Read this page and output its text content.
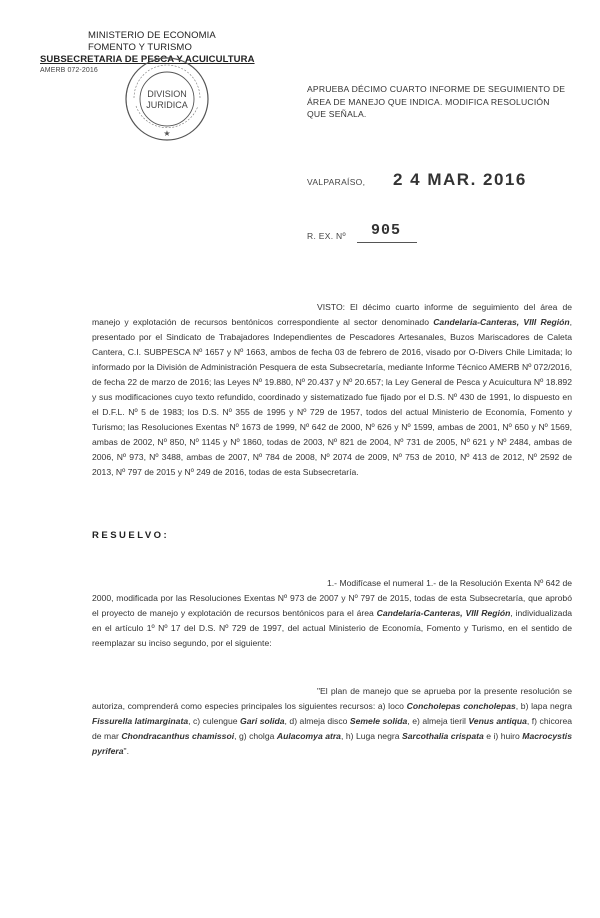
MINISTERIO DE ECONOMIA
FOMENTO Y TURISMO
SUBSECRETARIA DE PESCA Y ACUICULTURA
AMERB 072-2016
★
DIVISION
JURIDICA
APRUEBA DÉCIMO CUARTO INFORME DE SEGUIMIENTO DE ÁREA DE MANEJO QUE INDICA. MODIFICA RESOLUCIÓN QUE SEÑALA.
VALPARAÍSO, 2 4 MAR. 2016
R. EX. Nº 905
VISTO: El décimo cuarto informe de seguimiento del área de manejo y explotación de recursos bentónicos correspondiente al sector denominado Candelaria-Canteras, VIII Región, presentado por el Sindicato de Trabajadores Independientes de Pescadores Artesanales, Buzos Mariscadores de Caleta Cantera, C.I. SUBPESCA Nº 1657 y Nº 1663, ambos de fecha 03 de febrero de 2016, visado por O-Divers Chile Limitada; lo informado por la División de Administración Pesquera de esta Subsecretaría, mediante Informe Técnico AMERB Nº 072/2016, de fecha 22 de marzo de 2016; las Leyes Nº 19.880, Nº 20.437 y Nº 20.657; la Ley General de Pesca y Acuicultura Nº 18.892 y sus modificaciones cuyo texto refundido, coordinado y sistematizado fue fijado por el D.S. Nº 430 de 1991, lo dispuesto en el D.F.L. Nº 5 de 1983; los D.S. Nº 355 de 1995 y Nº 729 de 1957, todos del actual Ministerio de Economía, Fomento y Turismo; las Resoluciones Exentas Nº 1673 de 1999, Nº 642 de 2000, Nº 626 y Nº 1599, ambas de 2001, Nº 650 y Nº 1569, ambas de 2002, Nº 850, Nº 1145 y Nº 1860, todas de 2003, Nº 821 de 2004, Nº 731 de 2005, Nº 621 y Nº 2484, ambas de 2006, Nº 973, Nº 3488, ambas de 2007, Nº 784 de 2008, Nº 2074 de 2009, Nº 753 de 2010, Nº 413 de 2012, Nº 2592 de 2013, Nº 797 de 2015 y Nº 249 de 2016, todas de esta Subsecretaría.
RESUELVO:
1.- Modifícase el numeral 1.- de la Resolución Exenta Nº 642 de 2000, modificada por las Resoluciones Exentas Nº 973 de 2007 y Nº 797 de 2015, todas de esta Subsecretaría, que aprobó el proyecto de manejo y explotación de recursos bentónicos para el área Candelaria-Canteras, VIII Región, individualizada en el artículo 1º Nº 17 del D.S. Nº 729 de 1997, del actual Ministerio de Economía, Fomento y Turismo, en el sentido de reemplazar su inciso segundo, por el siguiente:
"El plan de manejo que se aprueba por la presente resolución se autoriza, comprenderá como especies principales los siguientes recursos: a) loco Concholepas concholepas, b) lapa negra Fissurella latimarginata, c) culengue Gari solida, d) almeja disco Semele solida, e) almeja tieril Venus antiqua, f) chicorea de mar Chondracanthus chamissoi, g) cholga Aulacomya atra, h) Luga negra Sarcothalia crispata e i) huiro Macrocystis pyrifera".
